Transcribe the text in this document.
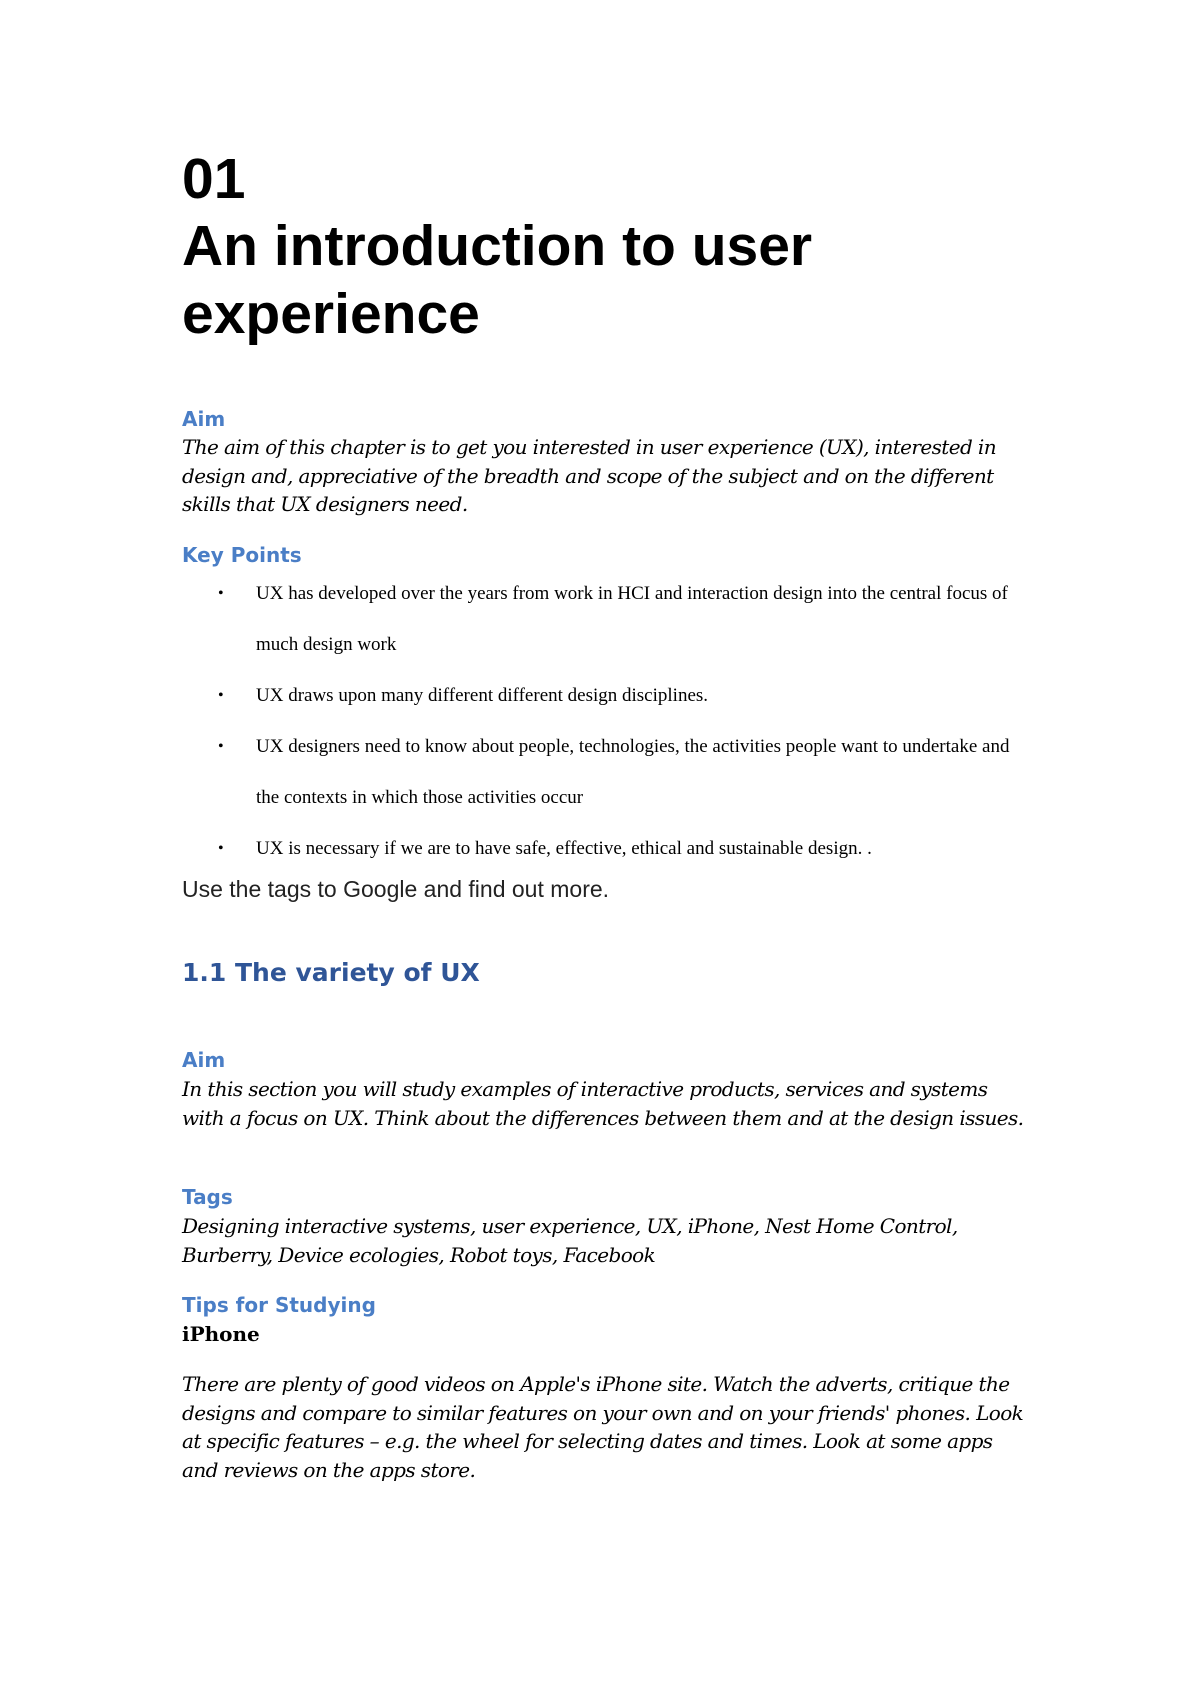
01
An introduction to user experience
Aim
The aim of this chapter is to get you interested in user experience (UX), interested in design and, appreciative of the breadth and scope of the subject and on the different skills that UX designers need.
Key Points
• UX has developed over the years from work in HCI and interaction design into the central focus of much design work
• UX draws upon many different different design disciplines.
• UX designers need to know about people, technologies, the activities people want to undertake and the contexts in which those activities occur
• UX is necessary if we are to have safe, effective, ethical and sustainable design. .
Use the tags to Google and find out more.
1.1 The variety of UX
Aim
In this section you will study examples of interactive products, services and systems with a focus on UX. Think about the differences between them and at the design issues.
Tags
Designing interactive systems, user experience, UX, iPhone, Nest Home Control, Burberry, Device ecologies, Robot toys, Facebook
Tips for Studying
iPhone
There are plenty of good videos on Apple's iPhone site. Watch the adverts, critique the designs and compare to similar features on your own and on your friends' phones. Look at specific features – e.g. the wheel for selecting dates and times. Look at some apps and reviews on the apps store.
